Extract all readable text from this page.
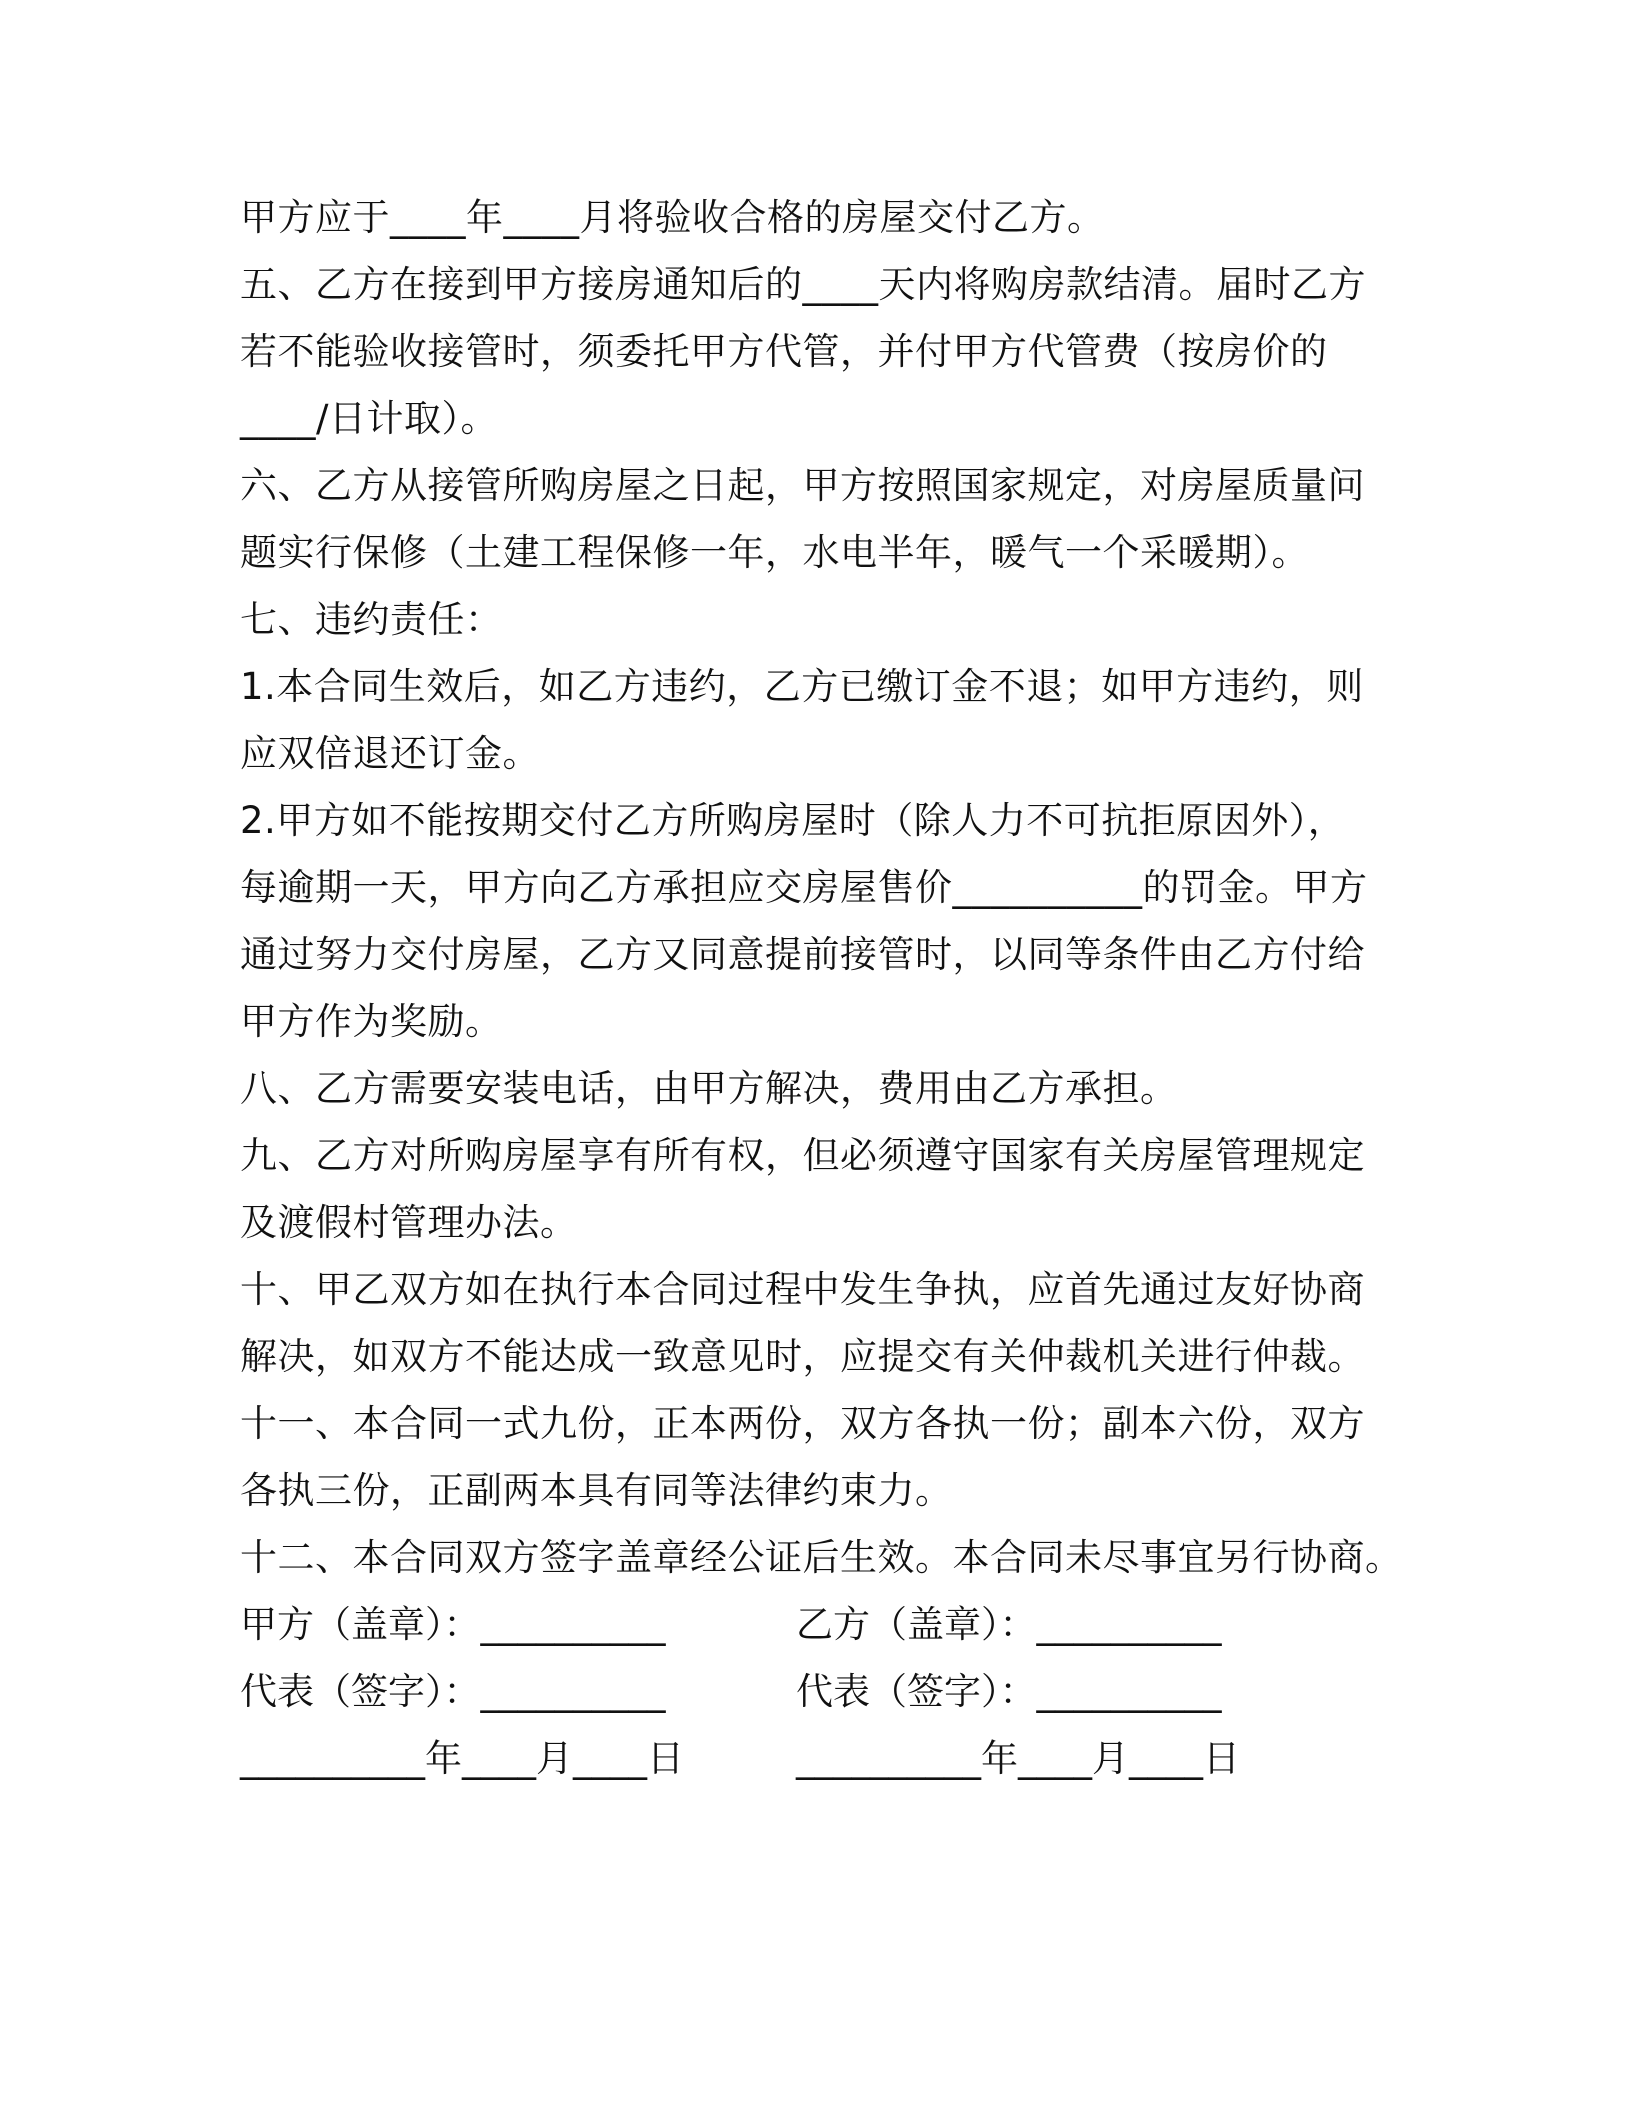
甲方应于____年____月将验收合格的房屋交付乙方。
五、乙方在接到甲方接房通知后的____天内将购房款结清。届时乙方
若不能验收接管时，须委托甲方代管，并付甲方代管费（按房价的
____/日计取）。
六、乙方从接管所购房屋之日起，甲方按照国家规定，对房屋质量问
题实行保修（土建工程保修一年，水电半年，暖气一个采暖期）。
七、违约责任：
1.本合同生效后，如乙方违约，乙方已缴订金不退；如甲方违约，则
应双倍退还订金。
2.甲方如不能按期交付乙方所购房屋时（除人力不可抗拒原因外），
每逾期一天，甲方向乙方承担应交房屋售价__________的罚金。甲方
通过努力交付房屋，乙方又同意提前接管时，以同等条件由乙方付给
甲方作为奖励。
八、乙方需要安装电话，由甲方解决，费用由乙方承担。
九、乙方对所购房屋享有所有权，但必须遵守国家有关房屋管理规定
及渡假村管理办法。
十、甲乙双方如在执行本合同过程中发生争执，应首先通过友好协商
解决，如双方不能达成一致意见时，应提交有关仲裁机关进行仲裁。
十一、本合同一式九份，正本两份，双方各执一份；副本六份，双方
各执三份，正副两本具有同等法律约束力。
十二、本合同双方签字盖章经公证后生效。本合同未尽事宜另行协商。
甲方（盖章）：__________	乙方（盖章）：__________
代表（签字）：__________	代表（签字）：__________
__________年____月____日	__________年____月____日
